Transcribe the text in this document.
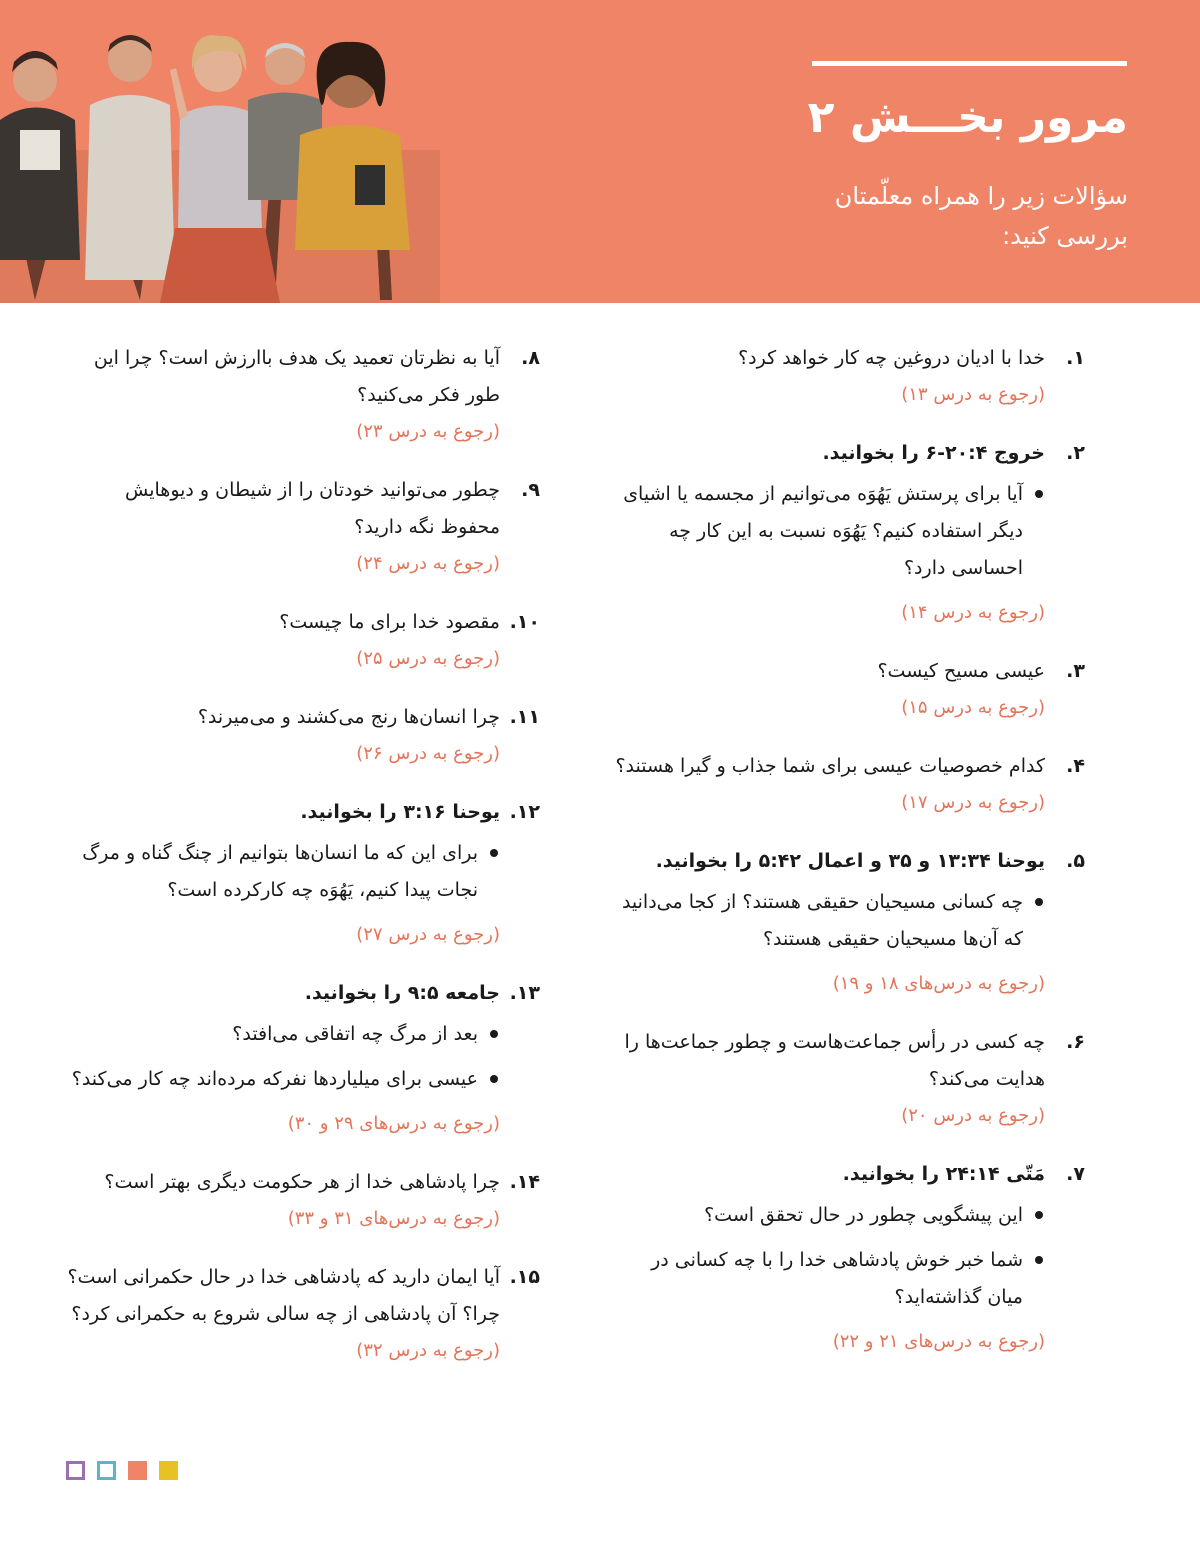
مرور بخـــش ۲
سؤالات زیر را همراه معلّمتان بررسی کنید:
۱.
خدا با ادیان دروغین چه کار خواهد کرد؟
(رجوع به درس ۱۳)
۲.
خروج ۲۰:۴-۶ را بخوانید.
آیا برای پرستش یَهُوَه می‌توانیم از مجسمه یا اشیای دیگر استفاده کنیم؟ یَهُوَه نسبت به این کار چه احساسی دارد؟
(رجوع به درس ۱۴)
۳.
عیسی مسیح کیست؟
(رجوع به درس ۱۵)
۴.
کدام خصوصیات عیسی برای شما جذاب و گیرا هستند؟
(رجوع به درس ۱۷)
۵.
یوحنا ۱۳:۳۴ و ۳۵ و اعمال ۵:۴۲ را بخوانید.
چه کسانی مسیحیان حقیقی هستند؟ از کجا می‌دانید که آن‌ها مسیحیان حقیقی هستند؟
(رجوع به درس‌های ۱۸ و ۱۹)
۶.
چه کسی در رأس جماعت‌هاست و چطور جماعت‌ها را هدایت می‌کند؟
(رجوع به درس ۲۰)
۷.
مَتّی ۲۴:۱۴ را بخوانید.
این پیشگویی چطور در حال تحقق است؟
شما خبر خوش پادشاهی خدا را با چه کسانی در میان گذاشته‌اید؟
(رجوع به درس‌های ۲۱ و ۲۲)
۸.
آیا به نظرتان تعمید یک هدف باارزش است؟ چرا این طور فکر می‌کنید؟
(رجوع به درس ۲۳)
۹.
چطور می‌توانید خودتان را از شیطان و دیوهایش محفوظ نگه دارید؟
(رجوع به درس ۲۴)
۱۰.
مقصود خدا برای ما چیست؟
(رجوع به درس ۲۵)
۱۱.
چرا انسان‌ها رنج می‌کشند و می‌میرند؟
(رجوع به درس ۲۶)
۱۲.
یوحنا ۳:۱۶ را بخوانید.
برای این که ما انسان‌ها بتوانیم از چنگ گناه و مرگ نجات پیدا کنیم، یَهُوَه چه کارکرده است؟
(رجوع به درس ۲۷)
۱۳.
جامعه ۹:۵ را بخوانید.
بعد از مرگ چه اتفاقی می‌افتد؟
عیسی برای میلیاردها نفرکه مرده‌اند چه کار می‌کند؟
(رجوع به درس‌های ۲۹ و ۳۰)
۱۴.
چرا پادشاهی خدا از هر حکومت دیگری بهتر است؟
(رجوع به درس‌های ۳۱ و ۳۳)
۱۵.
آیا ایمان دارید که پادشاهی خدا در حال حکمرانی است؟ چرا؟ آن پادشاهی از چه سالی شروع به حکمرانی کرد؟
(رجوع به درس ۳۲)
